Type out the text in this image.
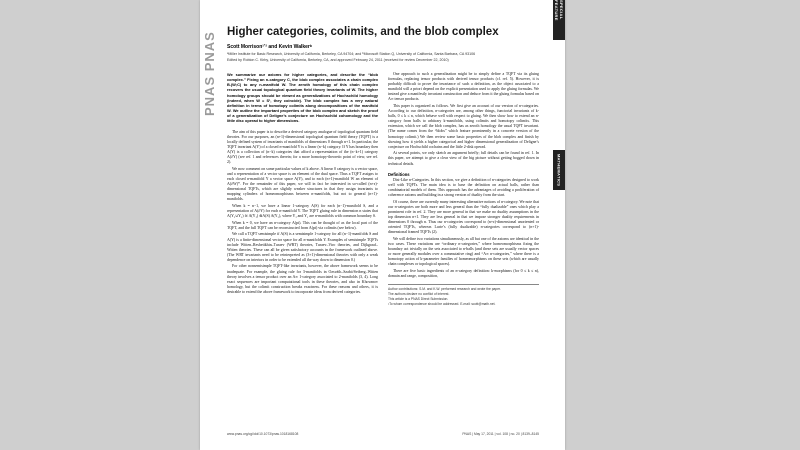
PNAS PNAS
SPECIAL FEATURE
MATHEMATICS
Higher categories, colimits, and the blob complex
Scott Morrison¹ʼ² and Kevin Walkerᵇ
ᵃMiller Institute for Basic Research, University of California, Berkeley, CA 94704; and ᵇMicrosoft Station Q, University of California, Santa Barbara, CA 93106
Edited by Robion C. Kirby, University of California, Berkeley, CA, and approved February 24, 2011 (received for review December 22, 2010)
We summarize our axioms for higher categories, and describe the “blob complex.” Fixing an n-category C, the blob complex associates a chain complex B.(W;C) to any n-manifold W. The zeroth homology of this chain complex recovers the usual topological quantum field theory invariants of W. The higher homology groups should be viewed as generalizations of Hochschild homology (indeed, when W = S¹, they coincide). The blob complex has a very natural definition in terms of homotopy colimits along decompositions of the manifold W. We outline the important properties of the blob complex and sketch the proof of a generalization of Deligne’s conjecture on Hochschild cohomology and the little disc operad to higher dimensions.

The aim of this paper is to describe a derived category analogue of topological quantum field theories. For our purposes, an (n+1)-dimensional topological quantum field theory (TQFT) is a locally defined system of invariants of manifolds of dimensions 0 through n+1. In particular, the TQFT invariant A(Y) of a closed n-manifold Y is a linear (n−k) category. If Y has boundary then A(Y) is a collection of (n−k) categories that afford a representation of the (n−k+1) category A(∂Y) (see ref. 1 and references therein; for a more homotopy-theoretic point of view, see ref. 2).

We now comment on some particular values of k above. A linear 0 category is a vector space, and a representation of a vector space is an element of the dual space. Thus a TQFT assigns to each closed n-manifold Y a vector space A(Y), and to each (n+1)-manifold W an element of A(∂W)*. For the remainder of this paper, we will in fact be interested in so-called (n+ε)-dimensional TQFTs, which are slightly weaker structures in that they assign invariants to mapping cylinders of homeomorphisms between n-manifolds, but not to general (n+1)-manifolds.

When k = n−1, we have a linear 1-category A(S) for each (n−1)-manifold S, and a representation of A(∂Y) for each n-manifold Y. The TQFT gluing rule in dimension n states that A(Y₁∪Y₂) ≅ A(Y₁) ⊗A(S) A(Y₂), where Y₁ and Y₂ are n-manifolds with common boundary S.

When k = 0, we have an n-category A(pt). This can be thought of as the local part of the TQFT, and the full TQFT can be reconstructed from A(pt) via colimits (see below).

We call a TQFT semisimple if A(S) is a semisimple 1-category for all (n−1)-manifolds S and A(Y) is a finite-dimensional vector space for all n-manifolds Y. Examples of semisimple TQFTs include Witten–Reshetikhin–Turaev (WRT) theories, Turaev–Viro theories, and Dijkgraaf–Witten theories. These can all be given satisfactory accounts in the framework outlined above. (The WRT invariants need to be reinterpreted as (3+1)-dimensional theories with only a weak dependence on interiors in order to be extended all the way down to dimension 0.)

For other nonsemisimple TQFT-like invariants, however, the above framework seems to be inadequate. For example, the gluing rule for 3-manifolds in Ozsváth–Szabó/Seiberg–Witten theory involves a tensor product over an A∞ 1-category associated to 2-manifolds (3, 4). Long exact sequences are important computational tools in these theories, and also in Khovanov homology, but the colimit construction breaks exactness. For these reasons and others, it is desirable to extend the above framework to incorporate ideas from derived categories.

One approach to such a generalization might be to simply define a TQFT via its gluing formulas, replacing tensor products with derived tensor products (cf. ref. 5). However, it is probably difficult to prove the invariance of such a definition, as the object associated to a manifold will a priori depend on the explicit presentation used to apply the gluing formulas. We instead give a manifestly invariant construction and deduce from it the gluing formulas based on A∞ tensor products.

This paper is organized as follows. We first give an account of our version of n-categories. According to our definition, n-categories are, among other things, functorial invariants of k-balls, 0 ≤ k ≤ n, which behave well with respect to gluing. We then show how to extend an n-category from balls to arbitrary k-manifolds, using colimits and homotopy colimits. This extension, which we call the blob complex, has as zeroth homology the usual TQFT invariant. (The name comes from the “blobs” which feature prominently in a concrete version of the homotopy colimit.) We then review some basic properties of the blob complex and finish by showing how it yields a higher categorical and higher dimensional generalization of Deligne’s conjecture on Hochschild cochains and the little 2-disk operad.

At several points, we only sketch an argument briefly; full details can be found in ref. 1. In this paper, we attempt to give a clear view of the big picture without getting bogged down in technical details.

Definitions

Dist-Like n-Categories. In this section, we give a definition of n-categories designed to work well with TQFTs. The main idea is to base the definition on actual balls, rather than combinatorial models of them. This approach has the advantages of avoiding a proliferation of coherence axioms and building in a strong version of duality from the start.

Of course, there are currently many interesting alternative notions of n-category. We note that our n-categories are both more and less general than the “fully dualizable” ones which play a prominent role in ref. 2. They are more general in that we make no duality assumptions in the top dimension n+1. They are less general in that we impose stronger duality requirements in dimensions 0 through n. Thus our n-categories correspond to (n+ε)-dimensional unoriented or oriented TQFTs, whereas Lurie’s (fully dualizable) n-categories correspond to (n+1)-dimensional framed TQFTs (2).

We will define two variations simultaneously, as all but one of the axioms are identical in the two cases. These variations are “ordinary n-categories,” where homeomorphisms fixing the boundary act trivially on the sets associated to n-balls (and these sets are usually vector spaces or more generally modules over a commutative ring) and “A∞ n-categories,” where there is a homotopy action of k-parameter families of homeomorphisms on these sets (which are usually chain complexes or topological spaces).

There are five basic ingredients of an n-category definition: k-morphisms (for 0 ≤ k ≤ n), domain and range, composition,

Author contributions: S.M. and K.W. performed research and wrote the paper.
The authors declare no conflict of interest.
This article is a PNAS Direct Submission.
¹To whom correspondence should be addressed. E-mail: scott@math.net.
www.pnas.org/cgi/doi/10.1073/pnas.1018168108	PNAS | May 17, 2011 | vol. 108 | no. 20 | 8139–8145
